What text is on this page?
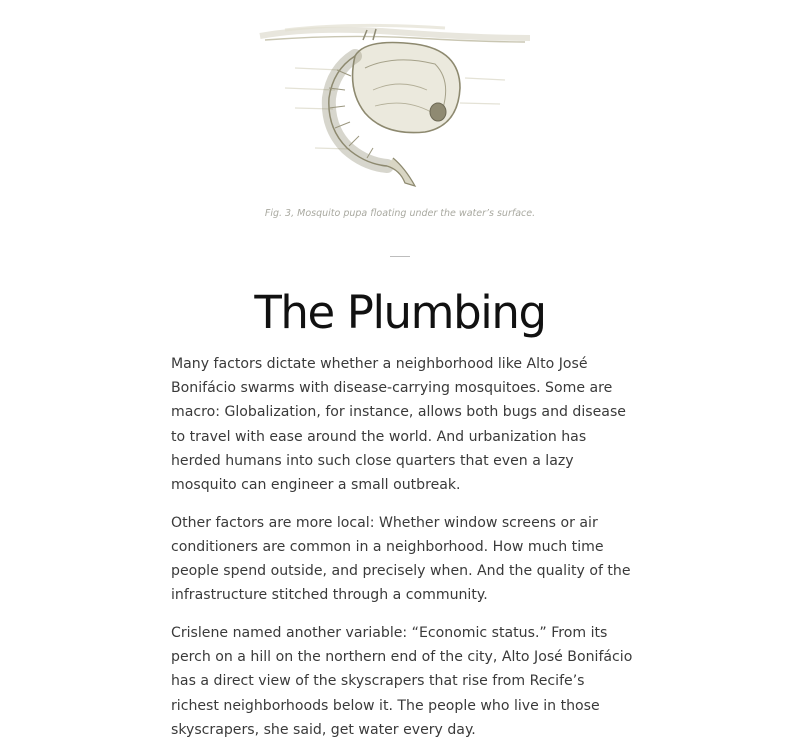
Fig. 3, Mosquito pupa floating under the water’s surface.
The Plumbing

Many factors dictate whether a neighborhood like Alto José Bonifácio swarms with disease-carrying mosquitoes. Some are macro: Globalization, for instance, allows both bugs and disease to travel with ease around the world. And urbanization has herded humans into such close quarters that even a lazy mosquito can engineer a small outbreak.

Other factors are more local: Whether window screens or air conditioners are common in a neighborhood. How much time people spend outside, and precisely when. And the quality of the infrastructure stitched through a community.

Crislene named another variable: “Economic status.” From its perch on a hill on the northern end of the city, Alto José Bonifácio has a direct view of the skyscrapers that rise from Recife’s richest neighborhoods below it. The people who live in those skyscrapers, she said, get water every day.
